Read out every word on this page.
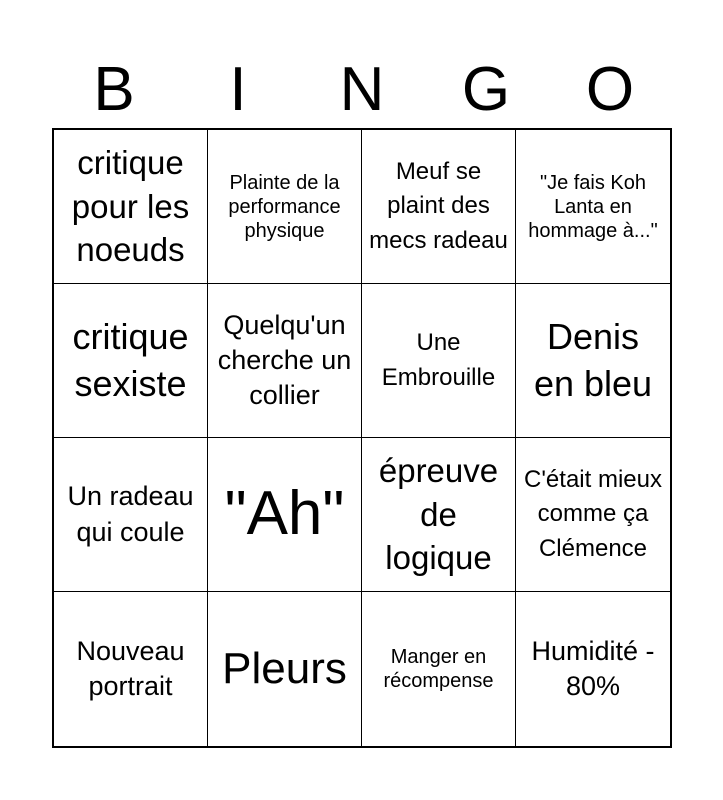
B	I	N	G	O
critique pour les noeuds
Plainte de la performance physique
Meuf se plaint des mecs radeau
"Je fais Koh Lanta en hommage à..."
critique sexiste
Quelqu'un cherche un collier
Une Embrouille
Denis en bleu
Un radeau qui coule "Ah"
épreuve de logique
C'était mieux comme ça Clémence
Nouveau portrait	Pleurs	Manger en récompense
Humidité - 80%
